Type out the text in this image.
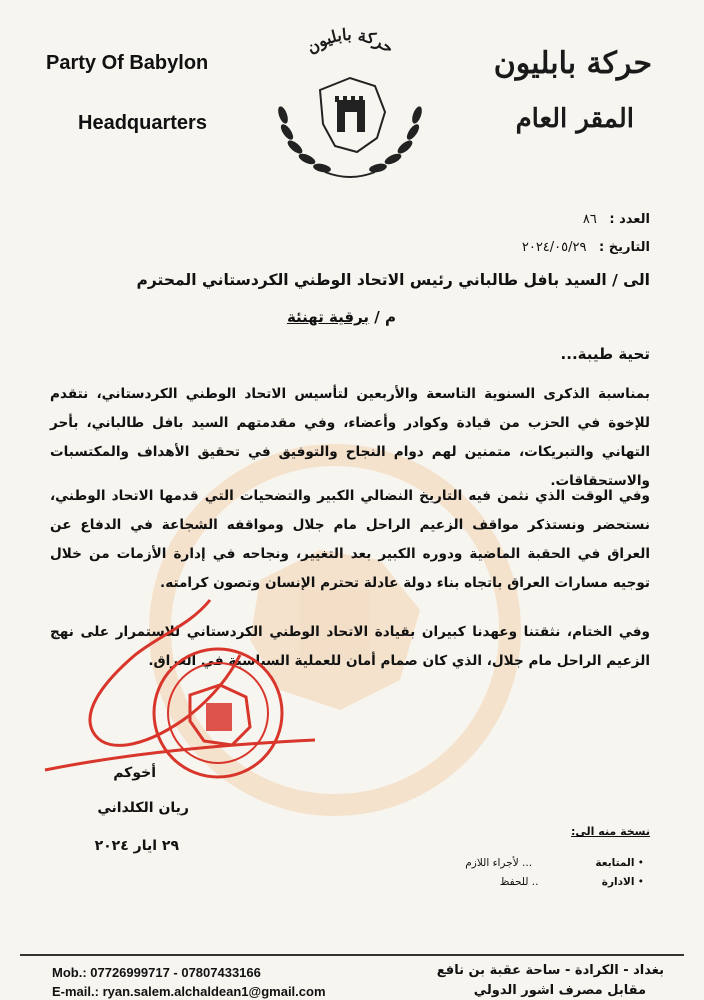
Party Of Babylon
Headquarters
حركة بابليون
المقر العام
حركة بابليون
العدد : ٨٦
التاريخ : ٢٠٢٤/٠٥/٢٩
الى / السيد بافل طالباني رئيس الاتحاد الوطني الكردستاني المحترم
م / برقية تهنئة
تحية طيبة...

بمناسبة الذكرى السنوية التاسعة والأربعين لتأسيس الاتحاد الوطني الكردستاني، نتقدم للإخوة في الحزب من قيادة وكوادر وأعضاء، وفي مقدمتهم السيد بافل طالباني، بأحر التهاني والتبريكات، متمنين لهم دوام النجاح والتوفيق في تحقيق الأهداف والمكتسبات والاستحقاقات.

وفي الوقت الذي نثمن فيه التاريخ النضالي الكبير والتضحيات التي قدمها الاتحاد الوطني، نستحضر ونستذكر مواقف الزعيم الراحل مام جلال ومواقفه الشجاعة في الدفاع عن العراق في الحقبة الماضية ودوره الكبير بعد التغيير، ونجاحه في إدارة الأزمات من خلال توجيه مسارات العراق باتجاه بناء دولة عادلة تحترم الإنسان وتصون كرامته.

وفي الختام، نثقتنا وعهدنا كبيران بقيادة الاتحاد الوطني الكردستاني للاستمرار على نهج الزعيم الراحل مام جلال، الذي كان صمام أمان للعملية السياسية في العراق.

أخوكم
ريان الكلداني
٢٩ ايار ٢٠٢٤
نسخة منه الى:
• المتابعة ... لأجراء اللازم
• الادارة .. للحفظ
Mob.: 07726999717 - 07807433166
E-mail.: ryan.salem.alchaldean1@gmail.com
بغداد - الكرادة - ساحة عقبة بن نافع
مقابل مصرف اشور الدولي
